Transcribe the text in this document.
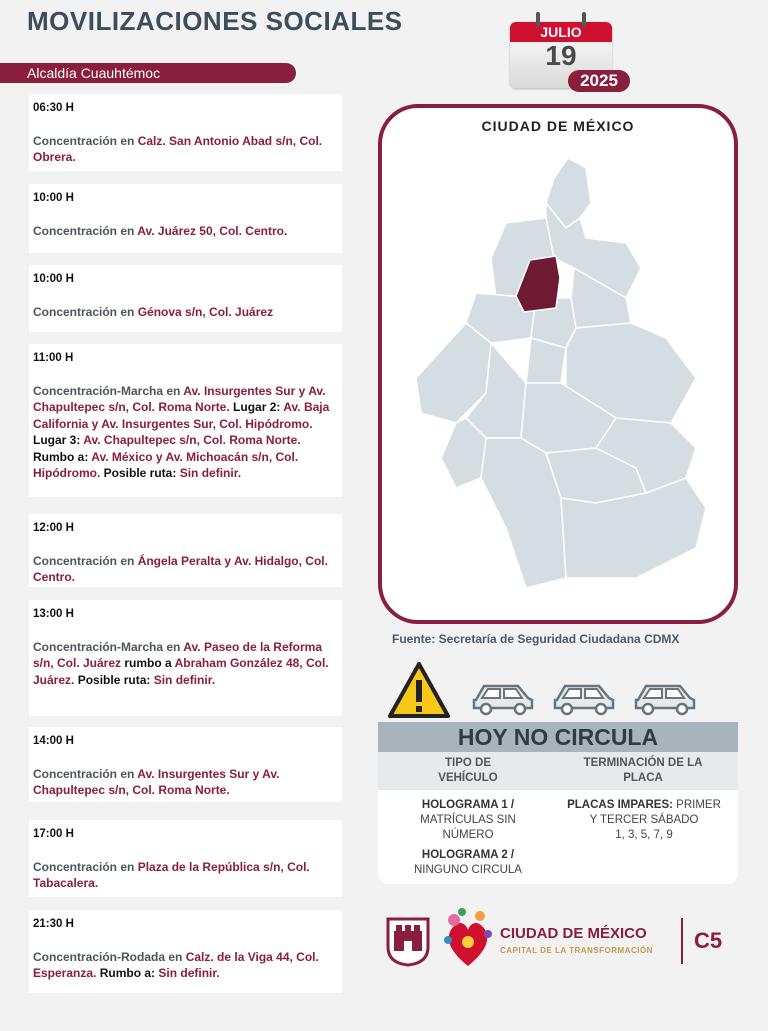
MOVILIZACIONES SOCIALES
Alcaldía Cuauhtémoc
JULIO
19
2025
06:30 H
Concentración en Calz. San Antonio Abad s/n, Col. Obrera.
10:00 H
Concentración en Av. Juárez 50, Col. Centro.
10:00 H
Concentración en Génova s/n, Col. Juárez
11:00 H
Concentración-Marcha en Av. Insurgentes Sur y Av. Chapultepec s/n, Col. Roma Norte. Lugar 2: Av. Baja California y Av. Insurgentes Sur, Col. Hipódromo. Lugar 3: Av. Chapultepec s/n, Col. Roma Norte. Rumbo a: Av. México y Av. Michoacán s/n, Col. Hipódromo. Posible ruta: Sin definir.
12:00 H
Concentración en Ángela Peralta y Av. Hidalgo, Col. Centro.
13:00 H
Concentración-Marcha en Av. Paseo de la Reforma s/n, Col. Juárez rumbo a Abraham González 48, Col. Juárez. Posible ruta: Sin definir.
14:00 H
Concentración en Av. Insurgentes Sur y Av. Chapultepec s/n, Col. Roma Norte.
17:00 H
Concentración en Plaza de la República s/n, Col. Tabacalera.
21:30 H
Concentración-Rodada en Calz. de la Viga 44, Col. Esperanza. Rumbo a: Sin definir.
CIUDAD DE MÉXICO
Fuente: Secretaría de Seguridad Ciudadana CDMX
HOY NO CIRCULA
TIPO DE VEHÍCULO
TERMINACIÓN DE LA PLACA
HOLOGRAMA 1 /
MATRÍCULAS SIN NÚMERO
HOLOGRAMA 2 /
NINGUNO CIRCULA
PLACAS IMPARES: PRIMER Y TERCER SÁBADO
1, 3, 5, 7, 9
CIUDAD DE MÉXICO
CAPITAL DE LA TRANSFORMACIÓN C5
